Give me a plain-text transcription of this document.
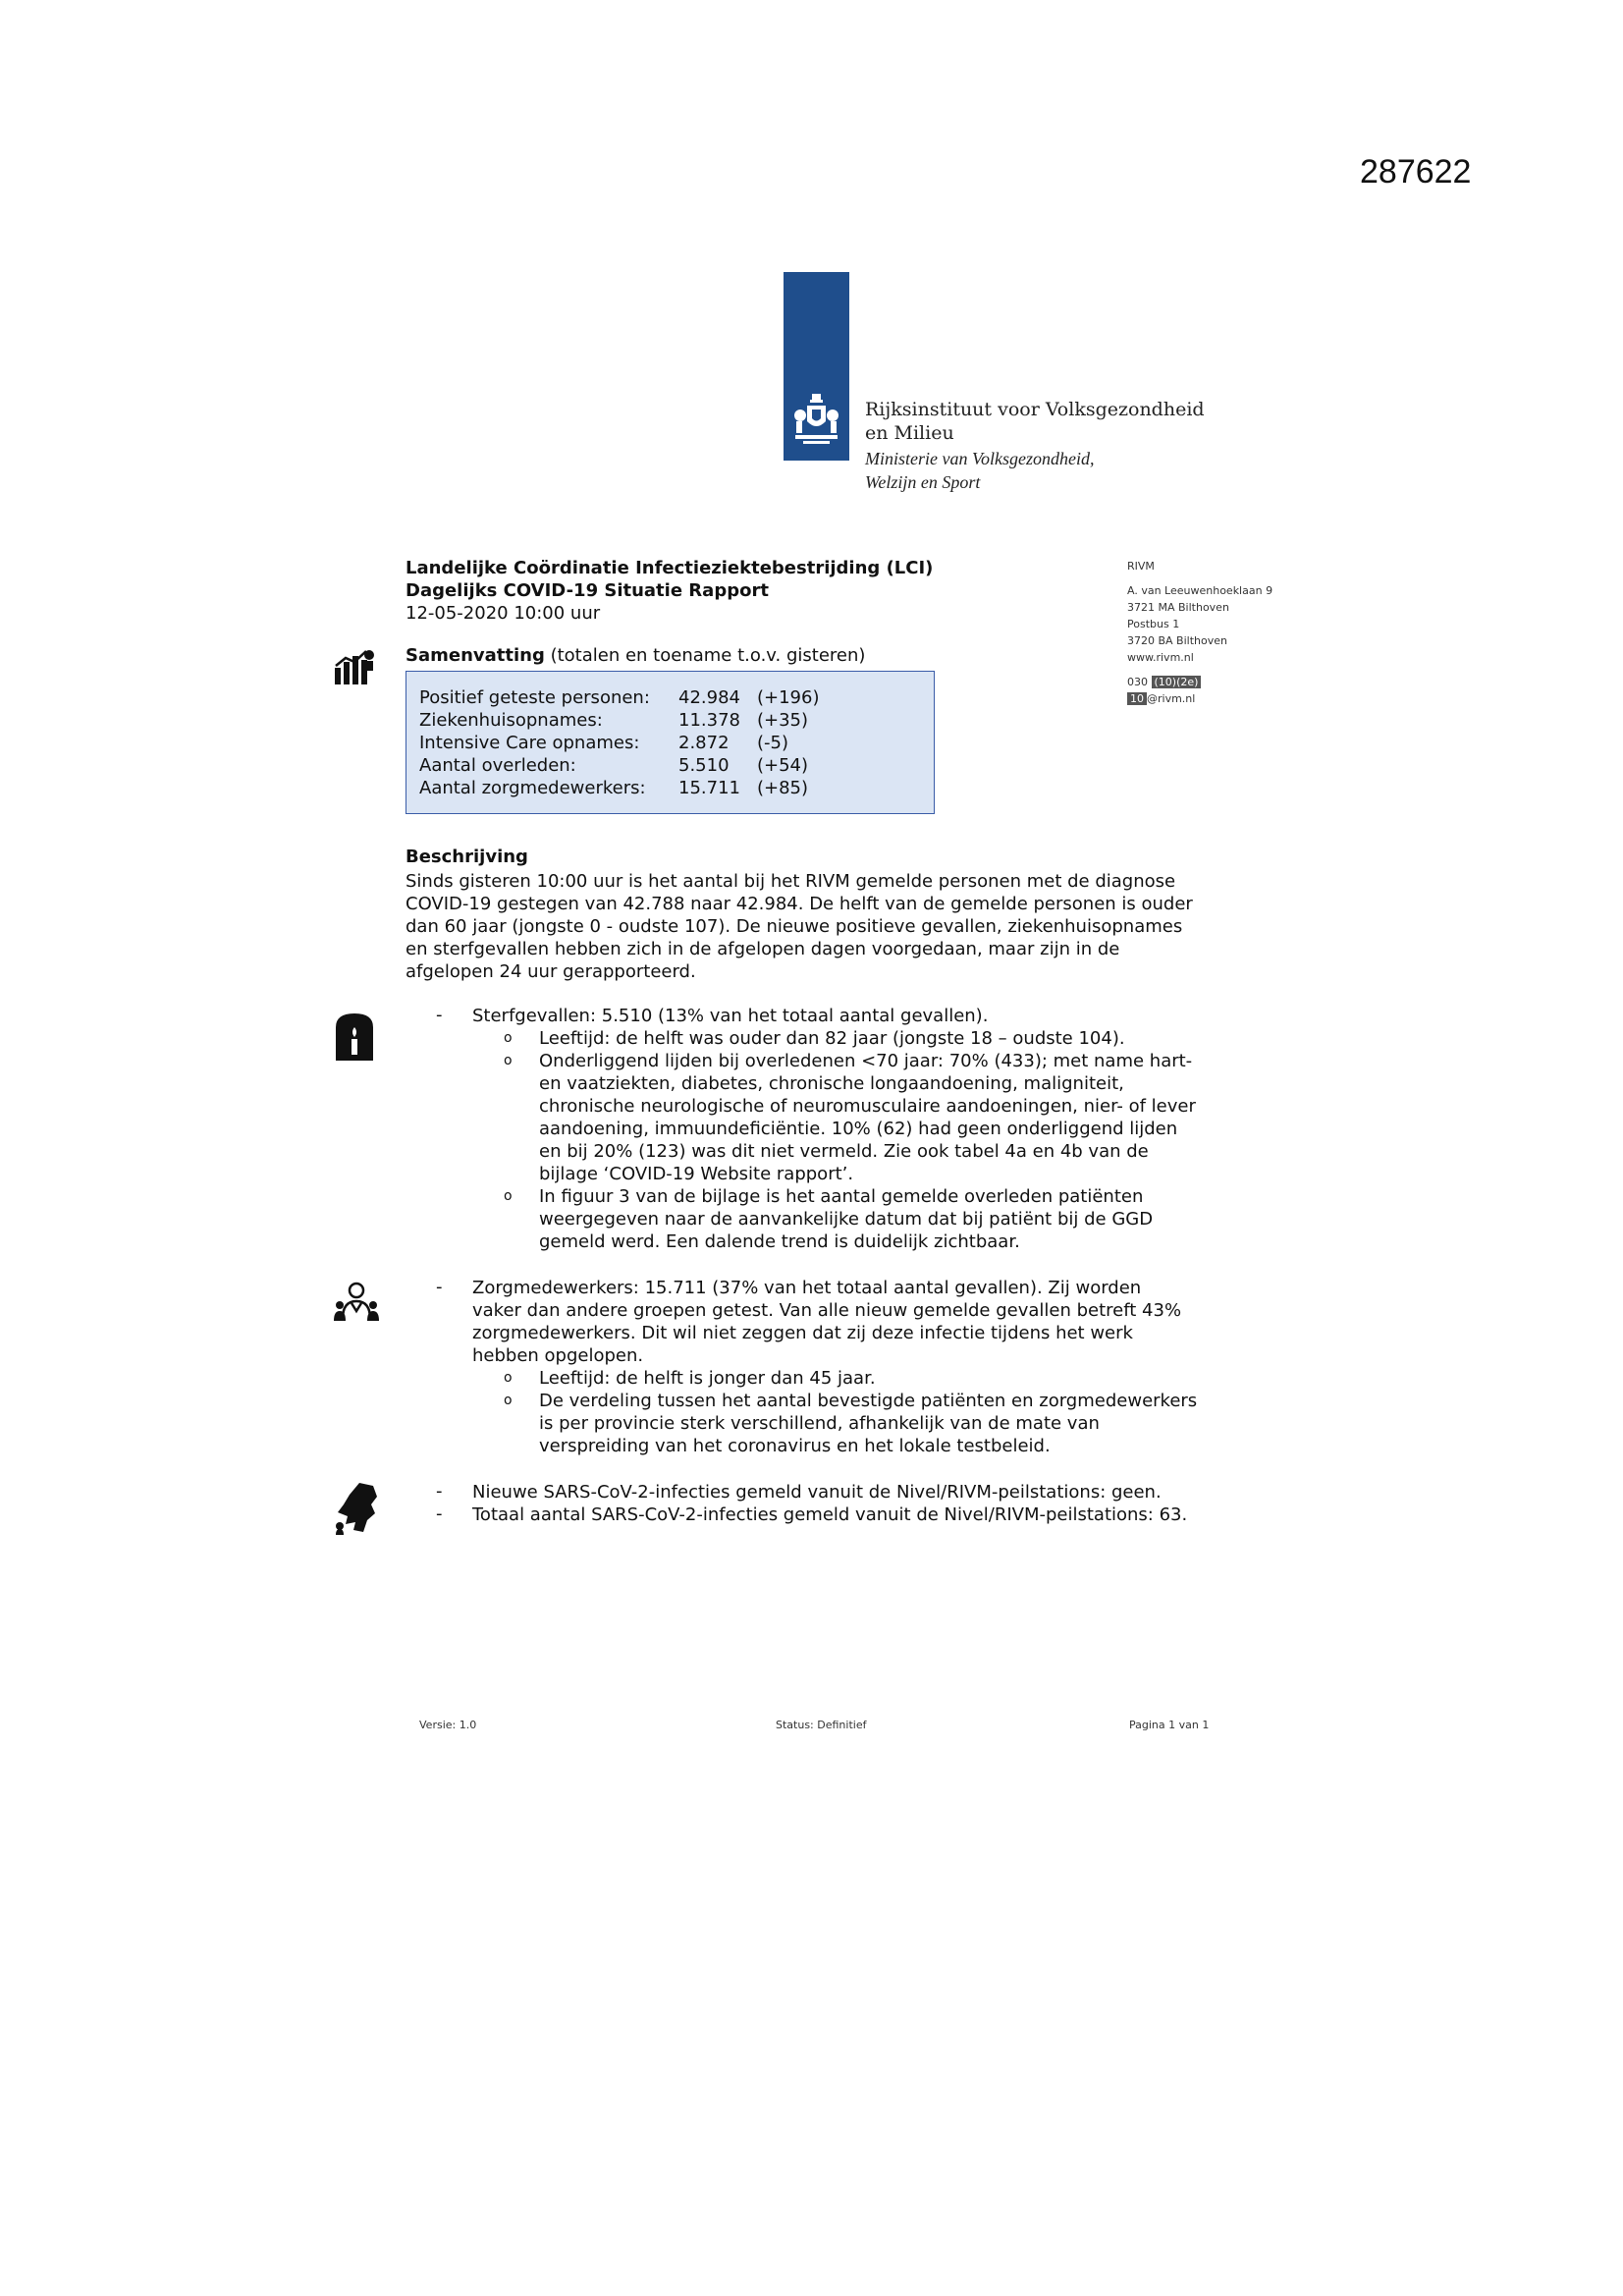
287622
Rijksinstituut voor Volksgezondheid
en Milieu
Ministerie van Volksgezondheid,
Welzijn en Sport
RIVM
A. van Leeuwenhoeklaan 9
3721 MA Bilthoven
Postbus 1
3720 BA Bilthoven
www.rivm.nl
030 (10)(2e)
10 @rivm.nl
Landelijke Coördinatie Infectieziektebestrijding (LCI)
Dagelijks COVID-19 Situatie Rapport
12-05-2020 10:00 uur
Samenvatting (totalen en toename t.o.v. gisteren)
Positief geteste personen: 42.984 (+196)
Ziekenhuisopnames:	11.378 (+35)
Intensive Care opnames: 2.872 (-5)
Aantal overleden:	5.510 (+54)
Aantal zorgmedewerkers: 15.711 (+85)
Beschrijving
Sinds gisteren 10:00 uur is het aantal bij het RIVM gemelde personen met de diagnose
COVID-19 gestegen van 42.788 naar 42.984. De helft van de gemelde personen is ouder
dan 60 jaar (jongste 0 - oudste 107). De nieuwe positieve gevallen, ziekenhuisopnames
en sterfgevallen hebben zich in de afgelopen dagen voorgedaan, maar zijn in de
afgelopen 24 uur gerapporteerd.
- Sterfgevallen: 5.510 (13% van het totaal aantal gevallen).
o Leeftijd: de helft was ouder dan 82 jaar (jongste 18 – oudste 104).
o Onderliggend lijden bij overledenen <70 jaar: 70% (433); met name hart-
en vaatziekten, diabetes, chronische longaandoening, maligniteit,
chronische neurologische of neuromusculaire aandoeningen, nier- of lever
aandoening, immuundeficiëntie. 10% (62) had geen onderliggend lijden
en bij 20% (123) was dit niet vermeld. Zie ook tabel 4a en 4b van de
bijlage ‘COVID-19 Website rapport’.
o In figuur 3 van de bijlage is het aantal gemelde overleden patiënten
weergegeven naar de aanvankelijke datum dat bij patiënt bij de GGD
gemeld werd. Een dalende trend is duidelijk zichtbaar.
- Zorgmedewerkers: 15.711 (37% van het totaal aantal gevallen). Zij worden
vaker dan andere groepen getest. Van alle nieuw gemelde gevallen betreft 43%
zorgmedewerkers. Dit wil niet zeggen dat zij deze infectie tijdens het werk
hebben opgelopen.
o Leeftijd: de helft is jonger dan 45 jaar.
o De verdeling tussen het aantal bevestigde patiënten en zorgmedewerkers
is per provincie sterk verschillend, afhankelijk van de mate van
verspreiding van het coronavirus en het lokale testbeleid.
- Nieuwe SARS-CoV-2-infecties gemeld vanuit de Nivel/RIVM-peilstations: geen.
- Totaal aantal SARS-CoV-2-infecties gemeld vanuit de Nivel/RIVM-peilstations: 63.
Versie: 1.0	Status: Definitief	Pagina 1 van 1
